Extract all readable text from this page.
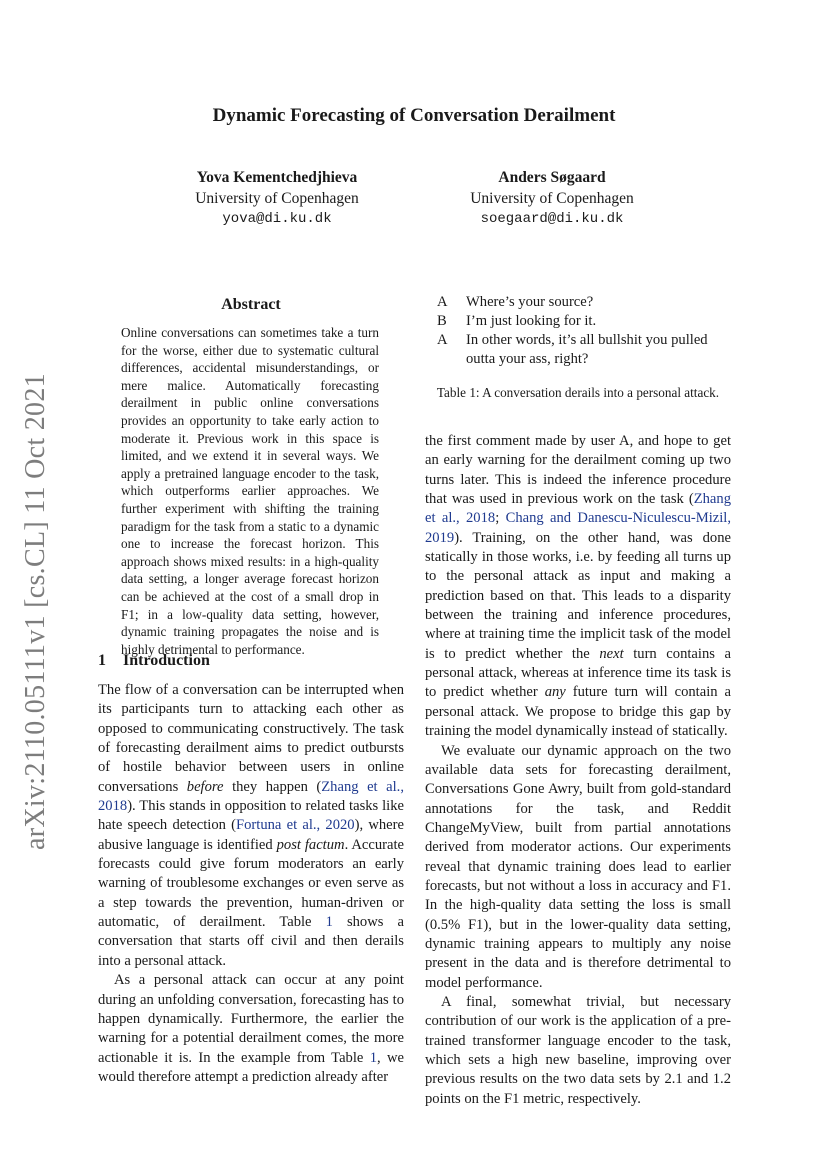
arXiv:2110.05111v1 [cs.CL] 11 Oct 2021
Dynamic Forecasting of Conversation Derailment
Yova Kementchedjhieva
University of Copenhagen
yova@di.ku.dk
Anders Søgaard
University of Copenhagen
soegaard@di.ku.dk
Abstract

Online conversations can sometimes take a turn for the worse, either due to systematic cultural differences, accidental misunderstandings, or mere malice. Automatically forecasting derailment in public online conversations provides an opportunity to take early action to moderate it. Previous work in this space is limited, and we extend it in several ways. We apply a pretrained language encoder to the task, which outperforms earlier approaches. We further experiment with shifting the training paradigm for the task from a static to a dynamic one to increase the forecast horizon. This approach shows mixed results: in a high-quality data setting, a longer average forecast horizon can be achieved at the cost of a small drop in F1; in a low-quality data setting, however, dynamic training propagates the noise and is highly detrimental to performance.

1 Introduction

The flow of a conversation can be interrupted when its participants turn to attacking each other as opposed to communicating constructively. The task of forecasting derailment aims to predict outbursts of hostile behavior between users in online conversations before they happen (Zhang et al., 2018). This stands in opposition to related tasks like hate speech detection (Fortuna et al., 2020), where abusive language is identified post factum. Accurate forecasts could give forum moderators an early warning of troublesome exchanges or even serve as a step towards the prevention, human-driven or automatic, of derailment. Table 1 shows a conversation that starts off civil and then derails into a personal attack.

As a personal attack can occur at any point during an unfolding conversation, forecasting has to happen dynamically. Furthermore, the earlier the warning for a potential derailment comes, the more actionable it is. In the example from Table 1, we would therefore attempt a prediction already after

A	Where’s your source?
B	I’m just looking for it.
A	In other words, it’s all bullshit you pulled outta your ass, right?

Table 1: A conversation derails into a personal attack.

the first comment made by user A, and hope to get an early warning for the derailment coming up two turns later. This is indeed the inference procedure that was used in previous work on the task (Zhang et al., 2018; Chang and Danescu-Niculescu-Mizil, 2019). Training, on the other hand, was done statically in those works, i.e. by feeding all turns up to the personal attack as input and making a prediction based on that. This leads to a disparity between the training and inference procedures, where at training time the implicit task of the model is to predict whether the next turn contains a personal attack, whereas at inference time its task is to predict whether any future turn will contain a personal attack. We propose to bridge this gap by training the model dynamically instead of statically.

We evaluate our dynamic approach on the two available data sets for forecasting derailment, Conversations Gone Awry, built from gold-standard annotations for the task, and Reddit ChangeMyView, built from partial annotations derived from moderator actions. Our experiments reveal that dynamic training does lead to earlier forecasts, but not without a loss in accuracy and F1. In the high-quality data setting the loss is small (0.5% F1), but in the lower-quality data setting, dynamic training appears to multiply any noise present in the data and is therefore detrimental to model performance.

A final, somewhat trivial, but necessary contribution of our work is the application of a pre-trained transformer language encoder to the task, which sets a high new baseline, improving over previous results on the two data sets by 2.1 and 1.2 points on the F1 metric, respectively.
